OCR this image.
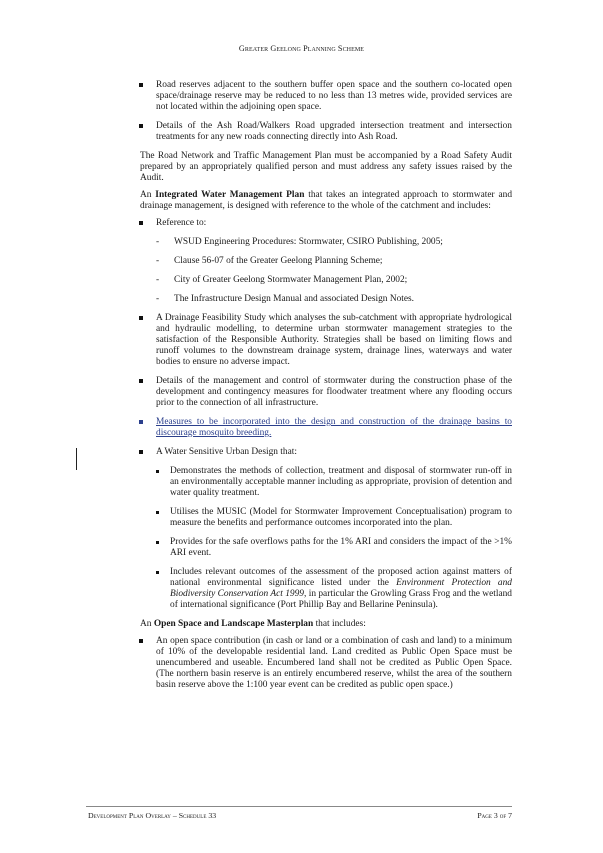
Greater Geelong Planning Scheme
Road reserves adjacent to the southern buffer open space and the southern co-located open space/drainage reserve may be reduced to no less than 13 metres wide, provided services are not located within the adjoining open space.
Details of the Ash Road/Walkers Road upgraded intersection treatment and intersection treatments for any new roads connecting directly into Ash Road.

The Road Network and Traffic Management Plan must be accompanied by a Road Safety Audit prepared by an appropriately qualified person and must address any safety issues raised by the Audit.

An Integrated Water Management Plan that takes an integrated approach to stormwater and drainage management, is designed with reference to the whole of the catchment and includes:

Reference to:
- WSUD Engineering Procedures: Stormwater, CSIRO Publishing, 2005;
- Clause 56-07 of the Greater Geelong Planning Scheme;
- City of Greater Geelong Stormwater Management Plan, 2002;
- The Infrastructure Design Manual and associated Design Notes.
A Drainage Feasibility Study which analyses the sub-catchment with appropriate hydrological and hydraulic modelling, to determine urban stormwater management strategies to the satisfaction of the Responsible Authority. Strategies shall be based on limiting flows and runoff volumes to the downstream drainage system, drainage lines, waterways and water bodies to ensure no adverse impact.
Details of the management and control of stormwater during the construction phase of the development and contingency measures for floodwater treatment where any flooding occurs prior to the connection of all infrastructure.
Measures to be incorporated into the design and construction of the drainage basins to discourage mosquito breeding.
A Water Sensitive Urban Design that:
Demonstrates the methods of collection, treatment and disposal of stormwater run-off in an environmentally acceptable manner including as appropriate, provision of detention and water quality treatment.
Utilises the MUSIC (Model for Stormwater Improvement Conceptualisation) program to measure the benefits and performance outcomes incorporated into the plan.
Provides for the safe overflows paths for the 1% ARI and considers the impact of the >1% ARI event.
Includes relevant outcomes of the assessment of the proposed action against matters of national environmental significance listed under the Environment Protection and Biodiversity Conservation Act 1999, in particular the Growling Grass Frog and the wetland of international significance (Port Phillip Bay and Bellarine Peninsula).

An Open Space and Landscape Masterplan that includes:

An open space contribution (in cash or land or a combination of cash and land) to a minimum of 10% of the developable residential land. Land credited as Public Open Space must be unencumbered and useable. Encumbered land shall not be credited as Public Open Space. (The northern basin reserve is an entirely encumbered reserve, whilst the area of the southern basin reserve above the 1:100 year event can be credited as public open space.)
Development Plan Overlay – Schedule 33	Page 3 of 7
